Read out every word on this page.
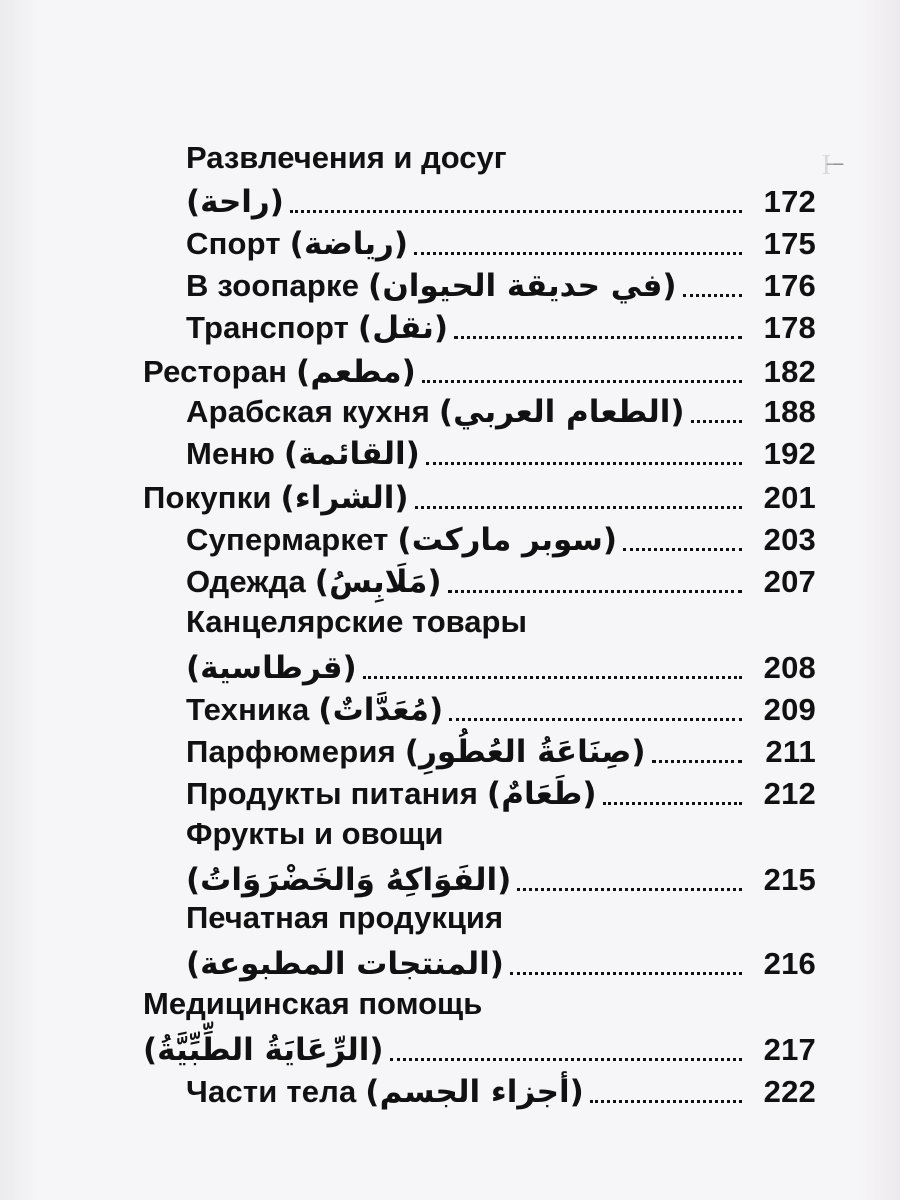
Ӏ̵̵̵̵ ̵̵̵̵̵̵
Развлечения и досуг
(راحة)	172
Спорт (رياضة)	175
В зоопарке (في حديقة الحيوان)	176
Транспорт (نقل)	178
Ресторан (مطعم)	182
Арабская кухня (الطعام العربي)	188
Меню (القائمة)	192
Покупки (الشراء)	201
Супермаркет (سوبر ماركت)	203
Одежда (مَلَابِسُ)	207
Канцелярские товары
(قرطاسية)	208
Техника (مُعَدَّاتٌ)	209
Парфюмерия (صِنَاعَةُ العُطُورِ)	211
Продукты питания (طَعَامٌ)	212
Фрукты и овощи
(الفَوَاكِهُ وَالخَضْرَوَاتُ)	215
Печатная продукция
(المنتجات المطبوعة)	216
Медицинская помощь
(الرِّعَايَةُ الطِّبِّيَّةُ)	217
Части тела (أجزاء الجسم)	222
